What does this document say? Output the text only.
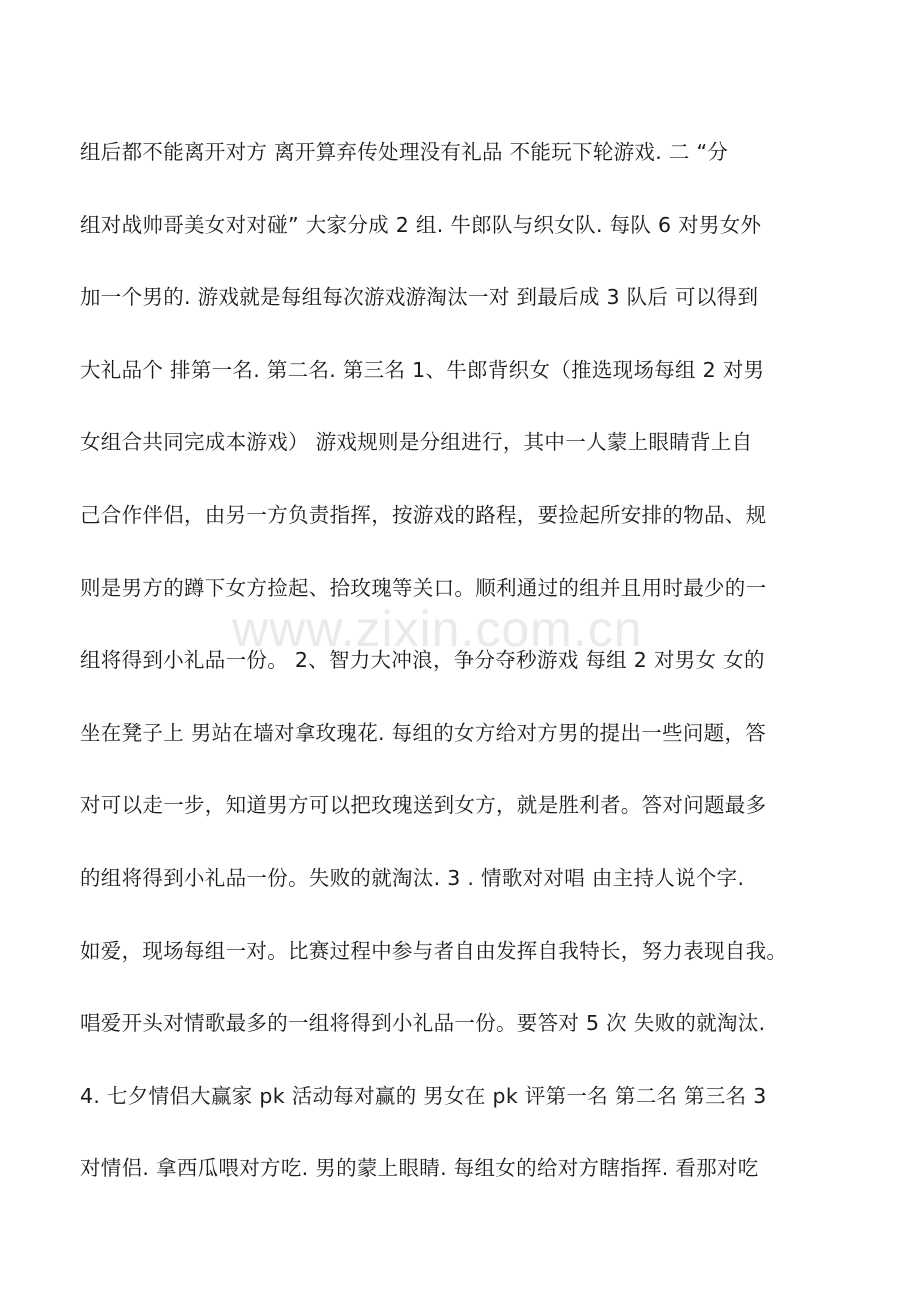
组后都不能离开对方 离开算弃传处理没有礼品 不能玩下轮游戏. 二 “分
组对战帅哥美女对对碰” 大家分成 2 组. 牛郎队与织女队. 每队 6 对男女外
加一个男的. 游戏就是每组每次游戏游淘汰一对 到最后成 3 队后 可以得到
大礼品个 排第一名. 第二名. 第三名 1、牛郎背织女（推选现场每组 2 对男
女组合共同完成本游戏） 游戏规则是分组进行，其中一人蒙上眼睛背上自
己合作伴侣，由另一方负责指挥，按游戏的路程，要捡起所安排的物品、规
则是男方的蹲下女方捡起、拾玫瑰等关口。顺利通过的组并且用时最少的一
组将得到小礼品一份。 2、智力大冲浪，争分夺秒游戏 每组 2 对男女 女的
坐在凳子上 男站在墙对拿玫瑰花. 每组的女方给对方男的提出一些问题，答
对可以走一步，知道男方可以把玫瑰送到女方，就是胜利者。答对问题最多
的组将得到小礼品一份。失败的就淘汰. 3 . 情歌对对唱 由主持人说个字.
如爱，现场每组一对。比赛过程中参与者自由发挥自我特长，努力表现自我。
唱爱开头对情歌最多的一组将得到小礼品一份。要答对 5 次 失败的就淘汰.
4. 七夕情侣大赢家 pk 活动每对赢的 男女在 pk 评第一名 第二名 第三名 3
对情侣. 拿西瓜喂对方吃. 男的蒙上眼睛. 每组女的给对方瞎指挥. 看那对吃
www.zixin.com.cn
